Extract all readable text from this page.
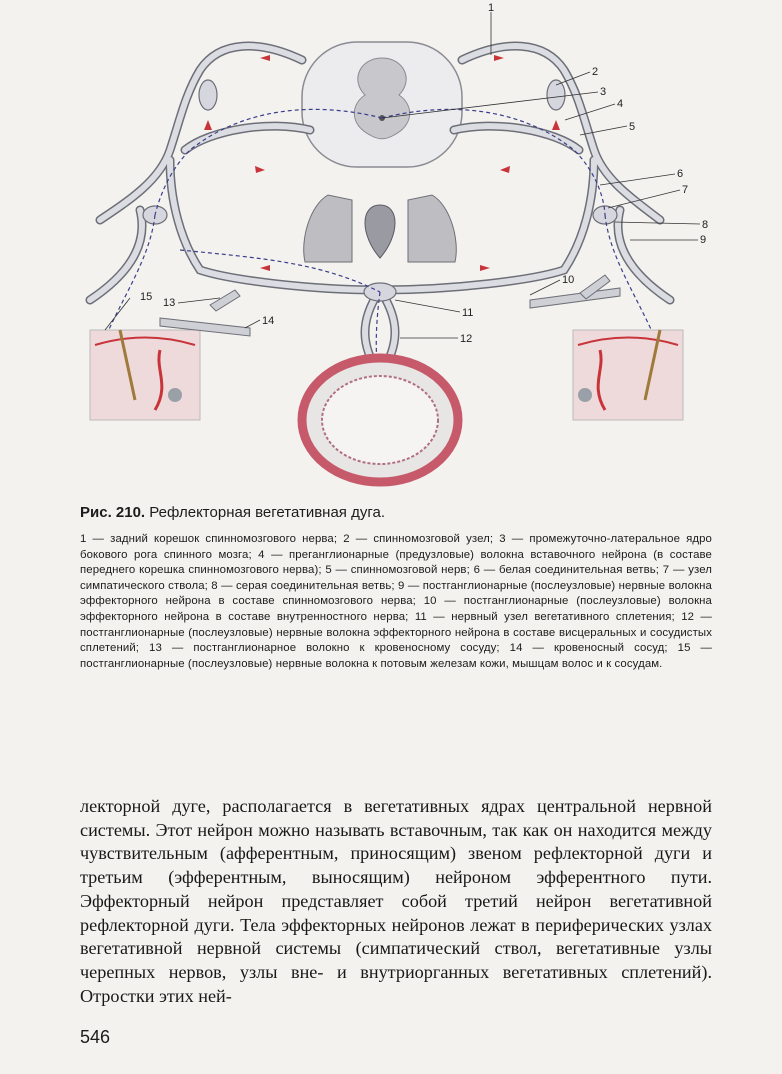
1
2
3
4
5
6
7
8
9
10
11
12
13
14
15

Рис. 210. Рефлекторная вегетативная дуга.

1 — задний корешок спинномозгового нерва; 2 — спинномозговой узел; 3 — промежуточно-латеральное ядро бокового рога спинного мозга; 4 — преганглионарные (предузловые) волокна вставочного нейрона (в составе переднего корешка спинномозгового нерва); 5 — спинномозговой нерв; 6 — белая соединительная ветвь; 7 — узел симпатического ствола; 8 — серая соединительная ветвь; 9 — постганглионарные (послеузловые) нервные волокна эффекторного нейрона в составе спинномозгового нерва; 10 — постганглионарные (послеузловые) волокна эффекторного нейрона в составе внутренностного нерва; 11 — нервный узел вегетативного сплетения; 12 — постганглионарные (послеузловые) нервные волокна эффекторного нейрона в составе висцеральных и сосудистых сплетений; 13 — постганглионарное волокно к кровеносному сосуду; 14 — кровеносный сосуд; 15 — постганглионарные (послеузловые) нервные волокна к потовым железам кожи, мышцам волос и к сосудам.

лекторной дуге, располагается в вегетативных ядрах центральной нервной системы. Этот нейрон можно называть вставочным, так как он находится между чувствительным (афферентным, приносящим) звеном рефлекторной дуги и третьим (эфферентным, выносящим) нейроном эфферентного пути. Эффекторный нейрон представляет собой третий нейрон вегетативной рефлекторной дуги. Тела эффекторных нейронов лежат в периферических узлах вегетативной нервной системы (симпатический ствол, вегетативные узлы черепных нервов, узлы вне- и внутриорганных вегетативных сплетений). Отростки этих ней-

546
